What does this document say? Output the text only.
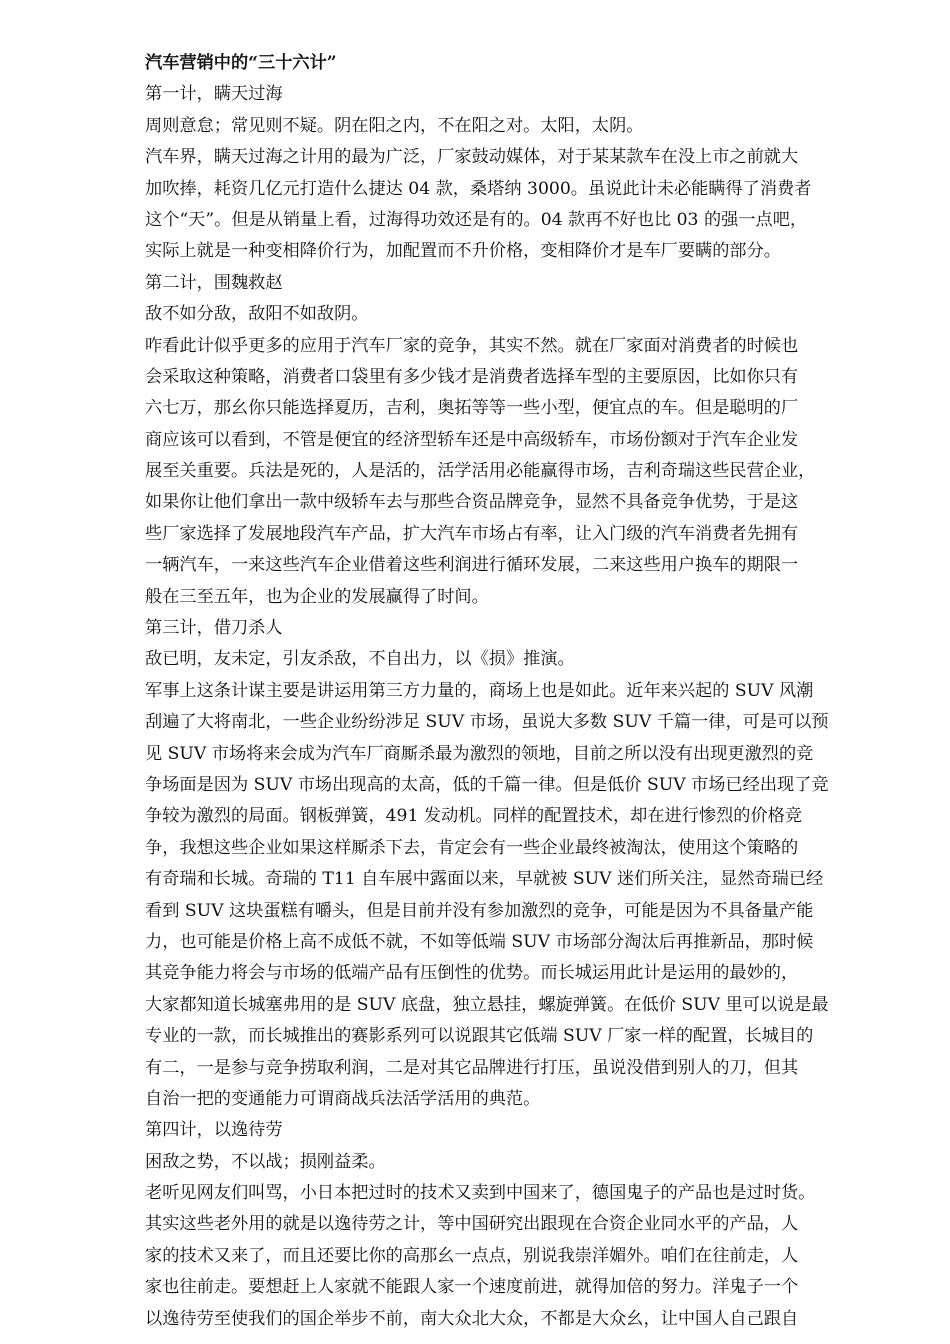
汽车营销中的“三十六计”
第一计，瞒天过海
周则意怠；常见则不疑。阴在阳之内，不在阳之对。太阳，太阴。
汽车界，瞒天过海之计用的最为广泛，厂家鼓动媒体，对于某某款车在没上市之前就大
加吹捧，耗资几亿元打造什么捷达 04 款，桑塔纳 3000。虽说此计未必能瞒得了消费者
这个“天”。但是从销量上看，过海得功效还是有的。04 款再不好也比 03 的强一点吧，
实际上就是一种变相降价行为，加配置而不升价格，变相降价才是车厂要瞒的部分。
第二计，围魏救赵
敌不如分敌，敌阳不如敌阴。
咋看此计似乎更多的应用于汽车厂家的竞争，其实不然。就在厂家面对消费者的时候也
会采取这种策略，消费者口袋里有多少钱才是消费者选择车型的主要原因，比如你只有
六七万，那幺你只能选择夏历，吉利，奥拓等等一些小型，便宜点的车。但是聪明的厂
商应该可以看到，不管是便宜的经济型轿车还是中高级轿车，市场份额对于汽车企业发
展至关重要。兵法是死的，人是活的，活学活用必能赢得市场，吉利奇瑞这些民营企业，
如果你让他们拿出一款中级轿车去与那些合资品牌竞争，显然不具备竞争优势，于是这
些厂家选择了发展地段汽车产品，扩大汽车市场占有率，让入门级的汽车消费者先拥有
一辆汽车，一来这些汽车企业借着这些利润进行循环发展，二来这些用户换车的期限一
般在三至五年，也为企业的发展赢得了时间。
第三计，借刀杀人
敌已明，友未定，引友杀敌，不自出力，以《损》推演。
军事上这条计谋主要是讲运用第三方力量的，商场上也是如此。近年来兴起的 SUV 风潮
刮遍了大将南北，一些企业纷纷涉足 SUV 市场，虽说大多数 SUV 千篇一律，可是可以预
见 SUV 市场将来会成为汽车厂商厮杀最为激烈的领地，目前之所以没有出现更激烈的竞
争场面是因为 SUV 市场出现高的太高，低的千篇一律。但是低价 SUV 市场已经出现了竞
争较为激烈的局面。钢板弹簧，491 发动机。同样的配置技术，却在进行惨烈的价格竞
争，我想这些企业如果这样厮杀下去，肯定会有一些企业最终被淘汰，使用这个策略的
有奇瑞和长城。奇瑞的 T11 自车展中露面以来，早就被 SUV 迷们所关注，显然奇瑞已经
看到 SUV 这块蛋糕有嚼头，但是目前并没有参加激烈的竞争，可能是因为不具备量产能
力，也可能是价格上高不成低不就，不如等低端 SUV 市场部分淘汰后再推新品，那时候
其竞争能力将会与市场的低端产品有压倒性的优势。而长城运用此计是运用的最妙的，
大家都知道长城塞弗用的是 SUV 底盘，独立悬挂，螺旋弹簧。在低价 SUV 里可以说是最
专业的一款，而长城推出的赛影系列可以说跟其它低端 SUV 厂家一样的配置，长城目的
有二，一是参与竞争捞取利润，二是对其它品牌进行打压，虽说没借到别人的刀，但其
自治一把的变通能力可谓商战兵法活学活用的典范。
第四计，以逸待劳
困敌之势，不以战；损刚益柔。
老听见网友们叫骂，小日本把过时的技术又卖到中国来了，德国鬼子的产品也是过时货。
其实这些老外用的就是以逸待劳之计，等中国研究出跟现在合资企业同水平的产品，人
家的技术又来了，而且还要比你的高那幺一点点，别说我崇洋媚外。咱们在往前走，人
家也往前走。要想赶上人家就不能跟人家一个速度前进，就得加倍的努力。洋鬼子一个
以逸待劳至使我们的国企举步不前，南大众北大众，不都是大众幺，让中国人自己跟自
